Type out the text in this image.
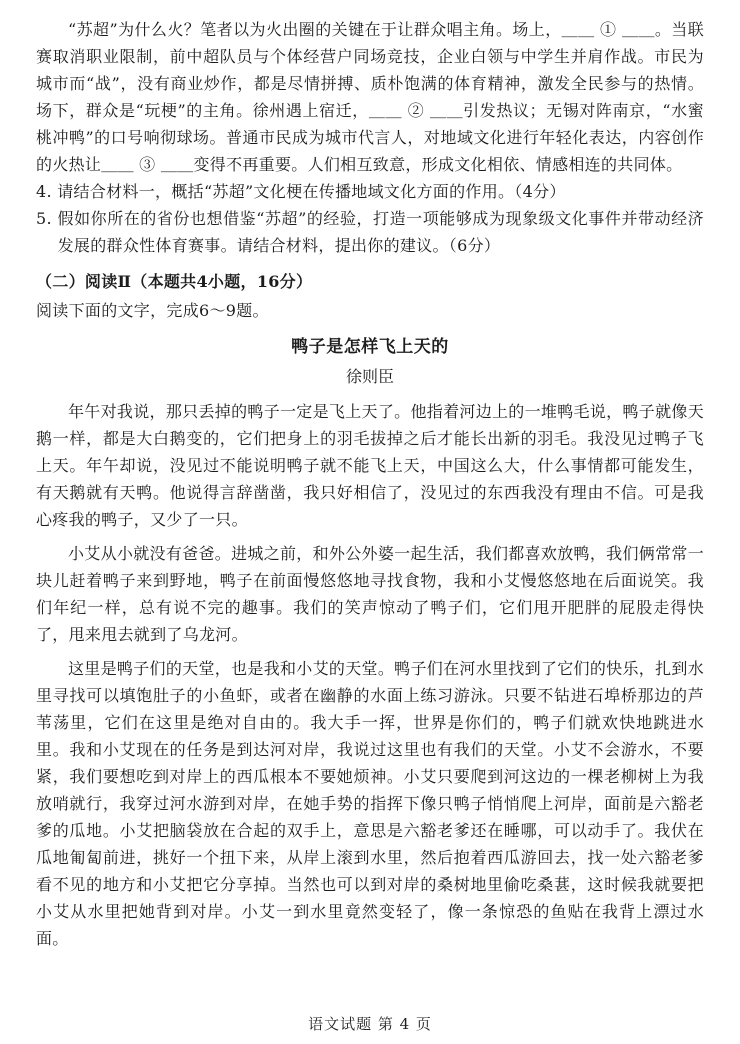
“苏超”为什么火？笔者以为火出圈的关键在于让群众唱主角。场上，＿＿ ① ＿＿。当联赛取消职业限制，前中超队员与个体经营户同场竞技，企业白领与中学生并肩作战。市民为城市而“战”，没有商业炒作，都是尽情拼搏、质朴饱满的体育精神，激发全民参与的热情。场下，群众是“玩梗”的主角。徐州遇上宿迁，＿＿ ② ＿＿引发热议；无锡对阵南京，“水蜜桃冲鸭”的口号响彻球场。普通市民成为城市代言人，对地域文化进行年轻化表达，内容创作的火热让＿＿ ③ ＿＿变得不再重要。人们相互致意，形成文化相依、情感相连的共同体。

4. 请结合材料一，概括“苏超”文化梗在传播地域文化方面的作用。（4分）

5. 假如你所在的省份也想借鉴“苏超”的经验，打造一项能够成为现象级文化事件并带动经济发展的群众性体育赛事。请结合材料，提出你的建议。（6分）

（二）阅读Ⅱ（本题共4小题，16分）

阅读下面的文字，完成6～9题。

鸭子是怎样飞上天的

徐则臣

年午对我说，那只丢掉的鸭子一定是飞上天了。他指着河边上的一堆鸭毛说，鸭子就像天鹅一样，都是大白鹅变的，它们把身上的羽毛拔掉之后才能长出新的羽毛。我没见过鸭子飞上天。年午却说，没见过不能说明鸭子就不能飞上天，中国这么大，什么事情都可能发生，有天鹅就有天鸭。他说得言辞凿凿，我只好相信了，没见过的东西我没有理由不信。可是我心疼我的鸭子，又少了一只。

小艾从小就没有爸爸。进城之前，和外公外婆一起生活，我们都喜欢放鸭，我们俩常常一块儿赶着鸭子来到野地，鸭子在前面慢悠悠地寻找食物，我和小艾慢悠悠地在后面说笑。我们年纪一样，总有说不完的趣事。我们的笑声惊动了鸭子们，它们甩开肥胖的屁股走得快了，甩来甩去就到了乌龙河。

这里是鸭子们的天堂，也是我和小艾的天堂。鸭子们在河水里找到了它们的快乐，扎到水里寻找可以填饱肚子的小鱼虾，或者在幽静的水面上练习游泳。只要不钻进石埠桥那边的芦苇荡里，它们在这里是绝对自由的。我大手一挥，世界是你们的，鸭子们就欢快地跳进水里。我和小艾现在的任务是到达河对岸，我说过这里也有我们的天堂。小艾不会游水，不要紧，我们要想吃到对岸上的西瓜根本不要她烦神。小艾只要爬到河这边的一棵老柳树上为我放哨就行，我穿过河水游到对岸，在她手势的指挥下像只鸭子悄悄爬上河岸，面前是六豁老爹的瓜地。小艾把脑袋放在合起的双手上，意思是六豁老爹还在睡哪，可以动手了。我伏在瓜地匍匐前进，挑好一个扭下来，从岸上滚到水里，然后抱着西瓜游回去，找一处六豁老爹看不见的地方和小艾把它分享掉。当然也可以到对岸的桑树地里偷吃桑葚，这时候我就要把小艾从水里把她背到对岸。小艾一到水里竟然变轻了，像一条惊恐的鱼贴在我背上漂过水面。

语文试题 第 4 页
